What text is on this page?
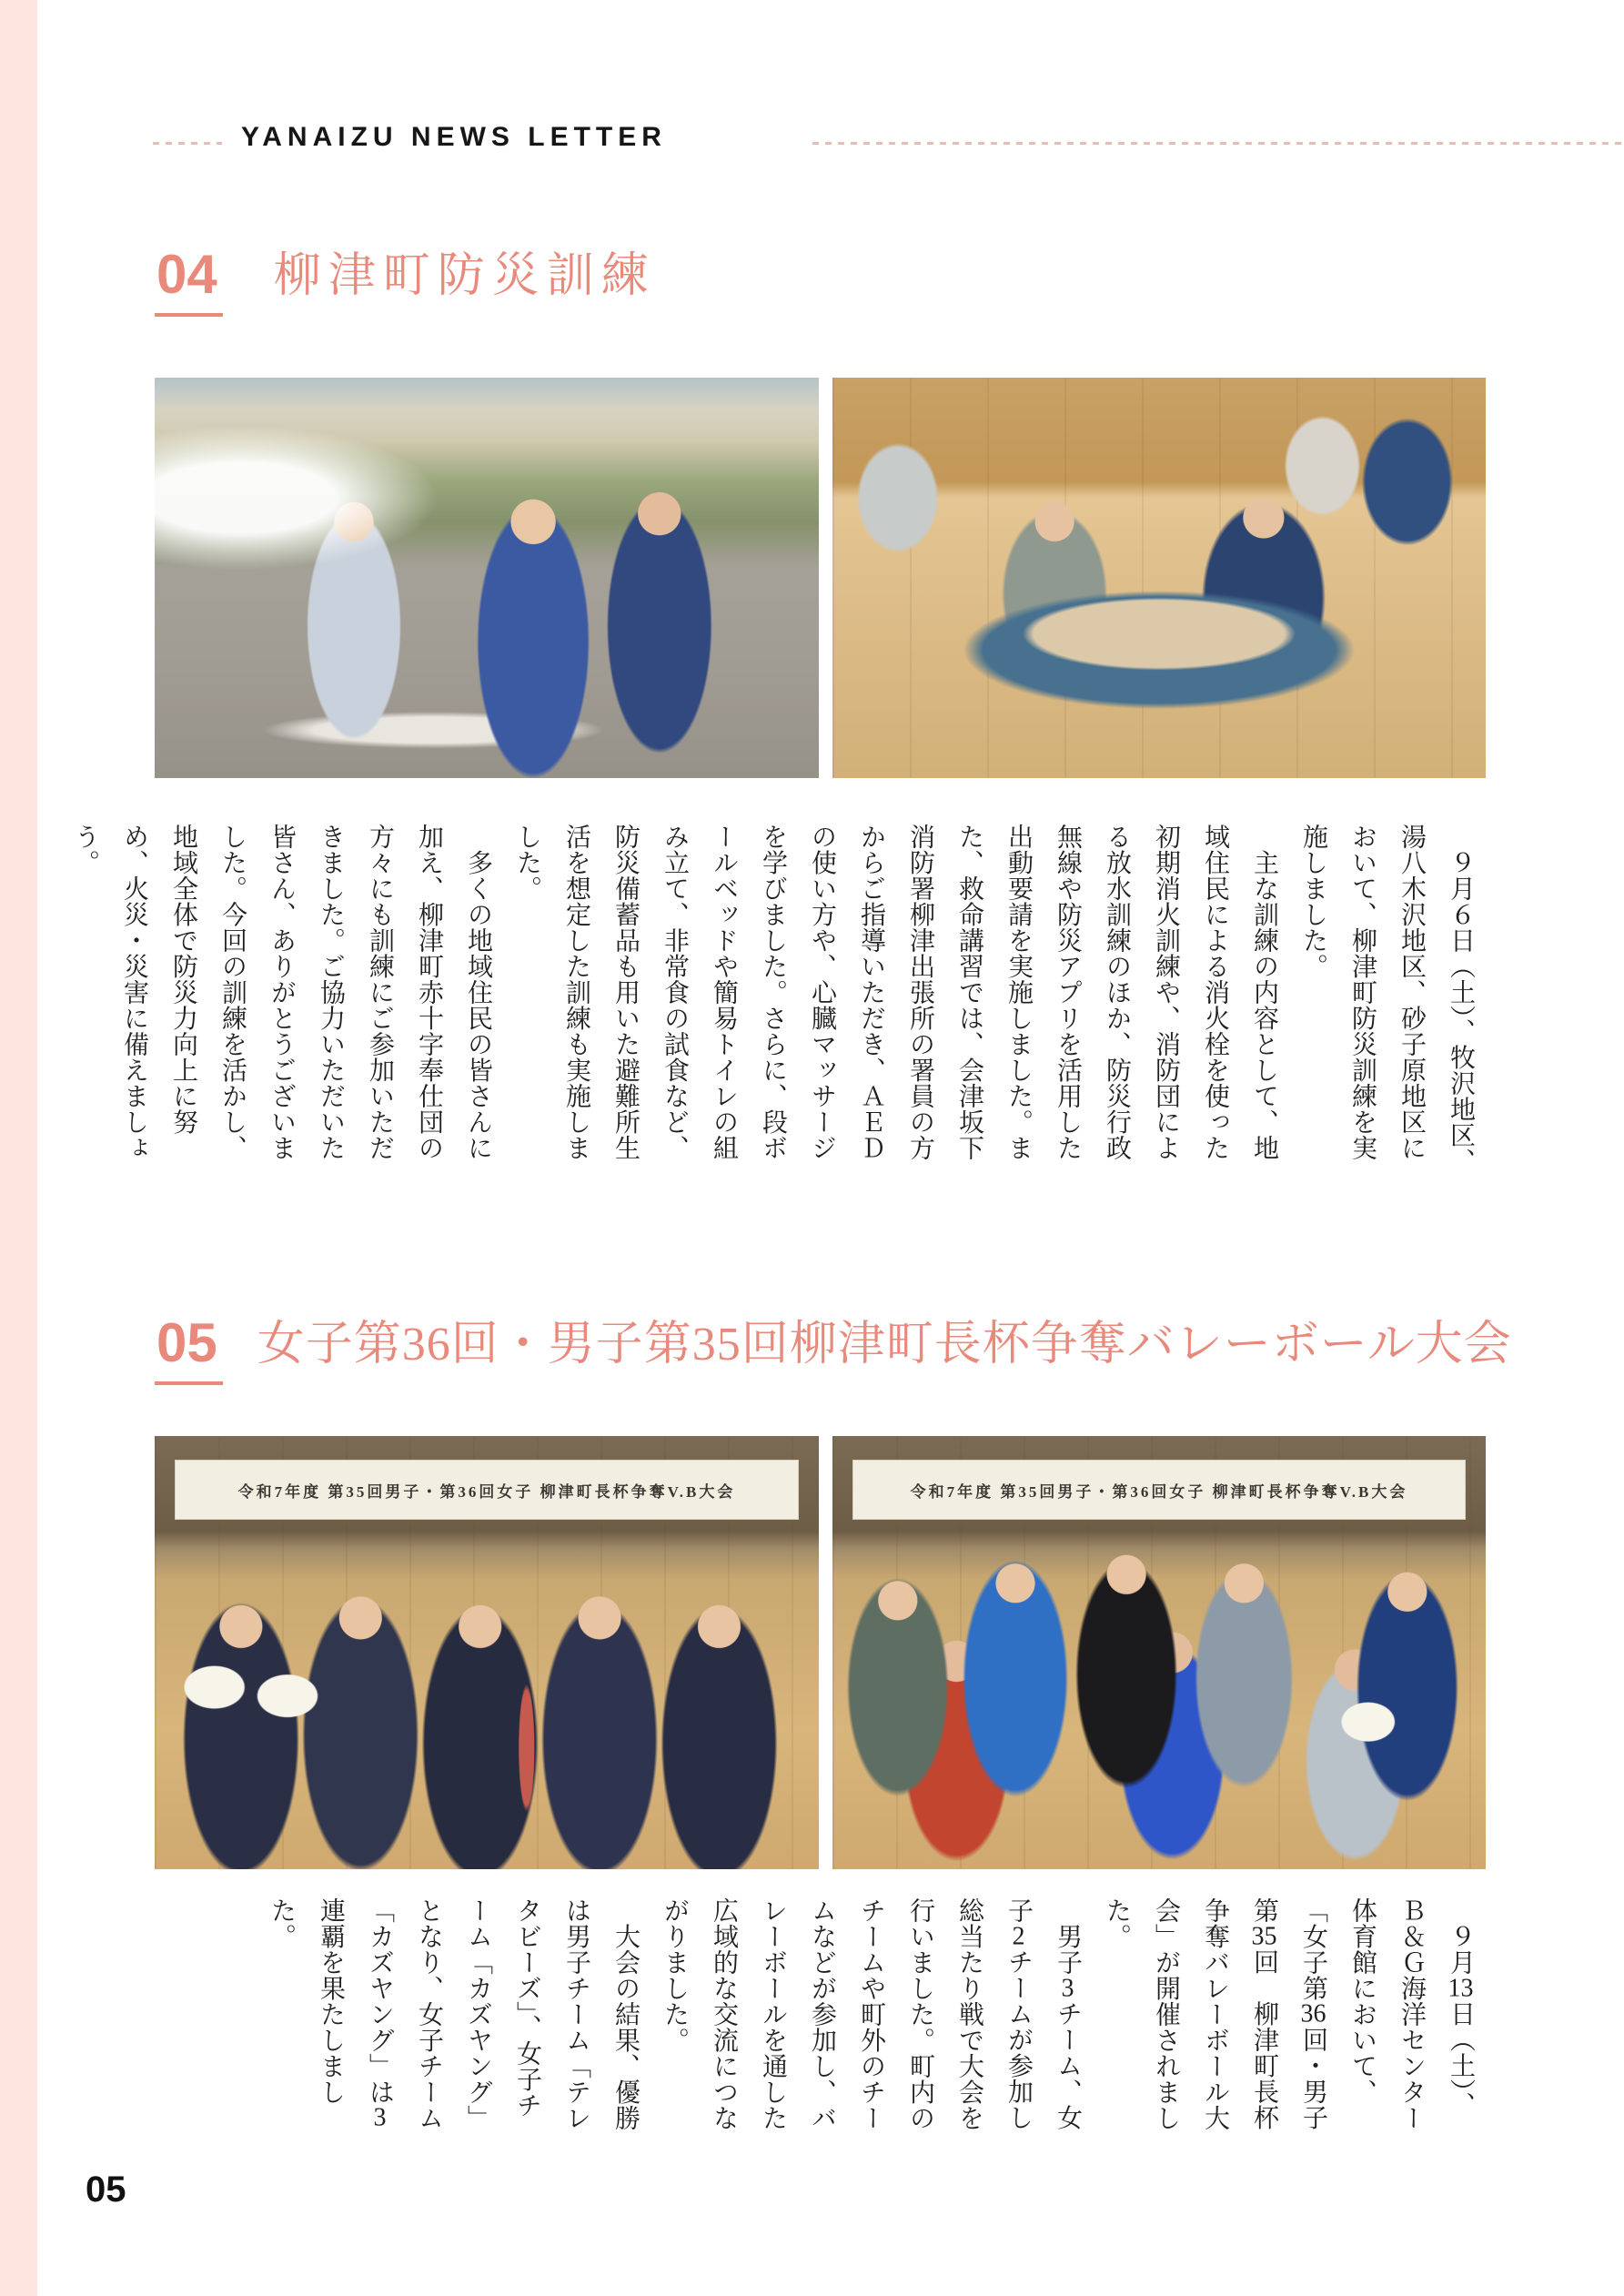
YANAIZU NEWS LETTER
04 柳津町防災訓練

　９月６日（土）、牧沢地区、湯八木沢地区、砂子原地区において、柳津町防災訓練を実施しました。

　主な訓練の内容として、地域住民による消火栓を使った初期消火訓練や、消防団による放水訓練のほか、防災行政無線や防災アプリを活用した出動要請を実施しました。また、救命講習では、会津坂下消防署柳津出張所の署員の方からご指導いただき、ＡＥＤの使い方や、心臓マッサージを学びました。さらに、段ボールベッドや簡易トイレの組み立て、非常食の試食など、防災備蓄品も用いた避難所生活を想定した訓練も実施しました。

　多くの地域住民の皆さんに加え、柳津町赤十字奉仕団の方々にも訓練にご参加いただきました。ご協力いただいた皆さん、ありがとうございました。今回の訓練を活かし、地域全体で防災力向上に努め、火災・災害に備えましょう。

05 女子第36回・男子第35回柳津町長杯争奪バレーボール大会
令和7年度 第35回男子・第36回女子 柳津町長杯争奪V.B大会	令和7年度 第35回男子・第36回女子 柳津町長杯争奪V.B大会

　９月13日（土）、Ｂ＆Ｇ海洋センター体育館において、「女子第36回・男子第35回　柳津町長杯争奪バレーボール大会」が開催されました。

　男子3チーム、女子2チームが参加し総当たり戦で大会を行いました。町内のチームや町外のチームなどが参加し、バレーボールを通した広域的な交流につながりました。

　大会の結果、優勝は男子チーム「テレタビーズ」、女子チーム「カズヤング」となり、女子チーム「カズヤング」は3連覇を果たしました。

05
